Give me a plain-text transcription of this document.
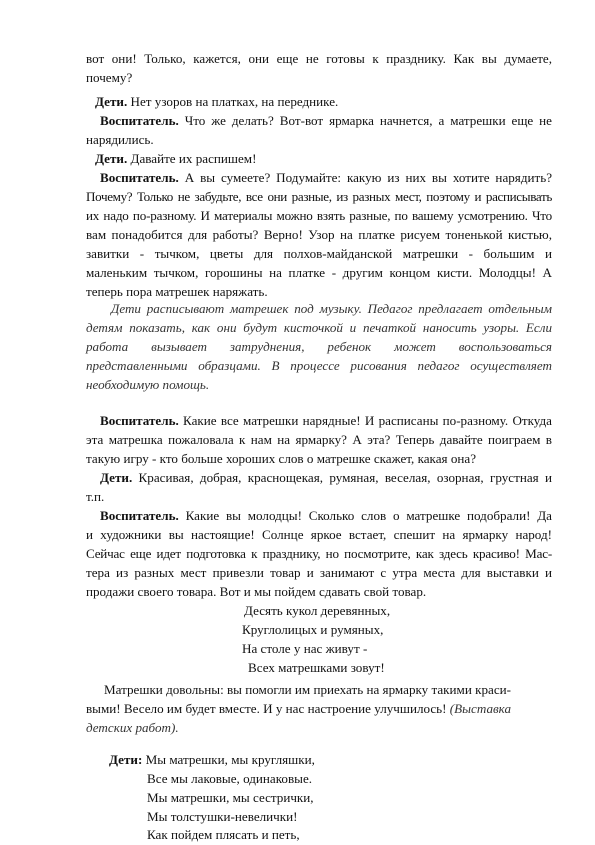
вот они! Только, кажется, они еще не готовы к празднику. Как вы думаете,
почему?
Дети. Нет узоров на платках, на переднике.
Воспитатель. Что же делать? Вот-вот ярмарка начнется, а матрешки еще не
нарядились.
Дети. Давайте их распишем!
Воспитатель. А вы сумеете? Подумайте: какую из них вы хотите нарядить?
Почему? Только не забудьте, все они разные, из разных мест, поэтому и расписывать
их надо по-разному. И материалы можно взять разные, по вашему усмотрению. Что
вам понадобится для работы? Верно! Узор на платке рисуем тоненькой кистью,
завитки - тычком, цветы для полхов-майданской матрешки - большим и
маленьким тычком, горошины на платке - другим концом кисти. Молодцы! А
теперь пора матрешек наряжать.
Дети расписывают матрешек под музыку. Педагог предлагает отдельным
детям показать, как они будут кисточкой и печаткой наносить узоры. Если
работа вызывает затруднения, ребенок может воспользоваться
представленными образцами. В процессе рисования педагог осуществляет
необходимую помощь.
Воспитатель. Какие все матрешки нарядные! И расписаны по-разному. Откуда
эта матрешка пожаловала к нам на ярмарку? А эта? Теперь давайте поиграем в
такую игру - кто больше хороших слов о матрешке скажет, какая она?
Дети. Красивая, добрая, краснощекая, румяная, веселая, озорная, грустная и
т.п.
Воспитатель. Какие вы молодцы! Сколько слов о матрешке подобрали! Да
и художники вы настоящие! Солнце яркое встает, спешит на ярмарку народ!
Сейчас еще идет подготовка к празднику, но посмотрите, как здесь красиво! Мас-
тера из разных мест привезли товар и занимают с утра места для выставки и
продажи своего товара. Вот и мы пойдем сдавать свой товар.
Десять кукол деревянных,
Круглолицых и румяных,
На столе у нас живут -
Всех матрешками зовут!
Матрешки довольны: вы помогли им приехать на ярмарку такими краси-
выми! Весело им будет вместе. И у нас настроение улучшилось! (Выставка
детских работ).
Дети: Мы матрешки, мы кругляшки,
Все мы лаковые, одинаковые.
Мы матрешки, мы сестрички,
Мы толстушки-невелички!
Как пойдем плясать и петь,
